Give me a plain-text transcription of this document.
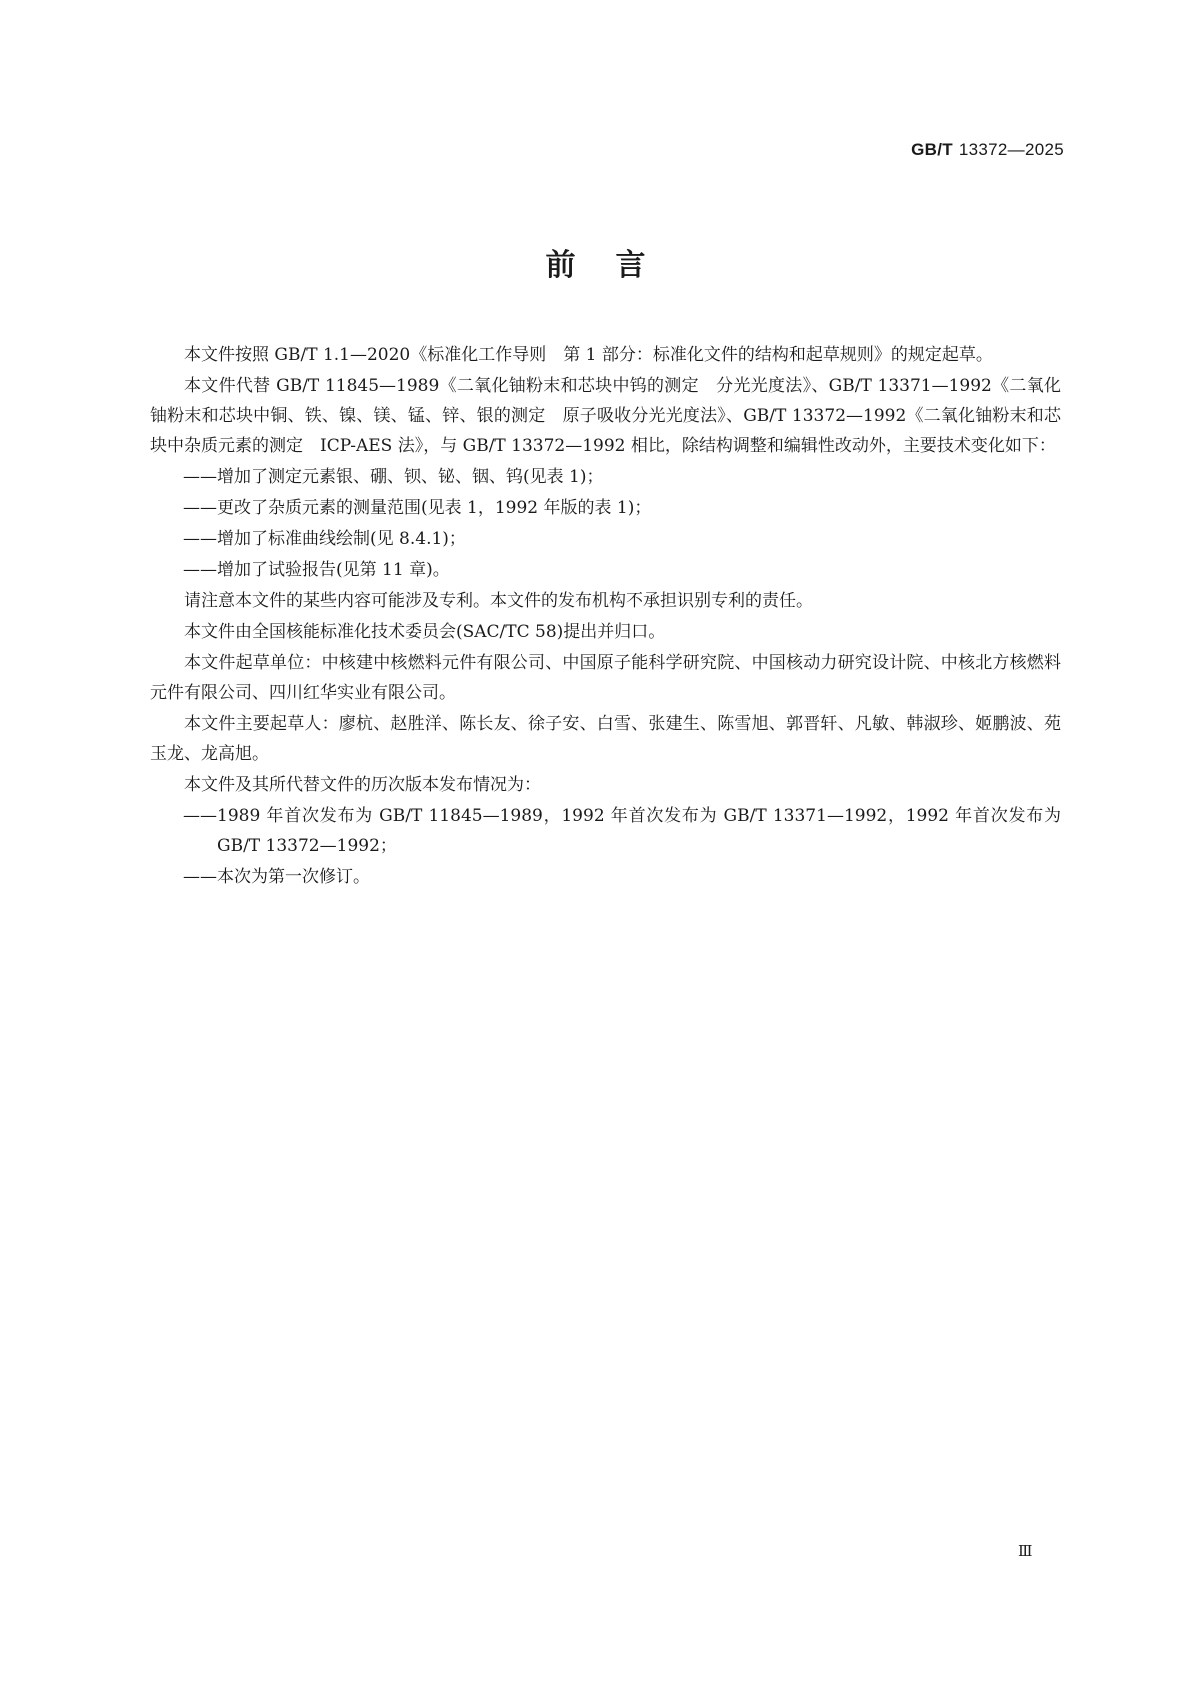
GB/T 13372—2025
前言

本文件按照 GB/T 1.1—2020《标准化工作导则　第 1 部分：标准化文件的结构和起草规则》的规定起草。

本文件代替 GB/T 11845—1989《二氧化铀粉末和芯块中钨的测定　分光光度法》、GB/T 13371—1992《二氧化铀粉末和芯块中铜、铁、镍、镁、锰、锌、银的测定　原子吸收分光光度法》、GB/T 13372—1992《二氧化铀粉末和芯块中杂质元素的测定　ICP-AES 法》，与 GB/T 13372—1992 相比，除结构调整和编辑性改动外，主要技术变化如下：

——增加了测定元素银、硼、钡、铋、铟、钨(见表 1)；
——更改了杂质元素的测量范围(见表 1，1992 年版的表 1)；
——增加了标准曲线绘制(见 8.4.1)；
——增加了试验报告(见第 11 章)。

请注意本文件的某些内容可能涉及专利。本文件的发布机构不承担识别专利的责任。

本文件由全国核能标准化技术委员会(SAC/TC 58)提出并归口。

本文件起草单位：中核建中核燃料元件有限公司、中国原子能科学研究院、中国核动力研究设计院、中核北方核燃料元件有限公司、四川红华实业有限公司。

本文件主要起草人：廖杭、赵胜洋、陈长友、徐子安、白雪、张建生、陈雪旭、郭晋轩、凡敏、韩淑珍、姬鹏波、苑玉龙、龙高旭。

本文件及其所代替文件的历次版本发布情况为：

——1989 年首次发布为 GB/T 11845—1989，1992 年首次发布为 GB/T 13371—1992，1992 年首次发布为 GB/T 13372—1992；
——本次为第一次修订。
Ⅲ
